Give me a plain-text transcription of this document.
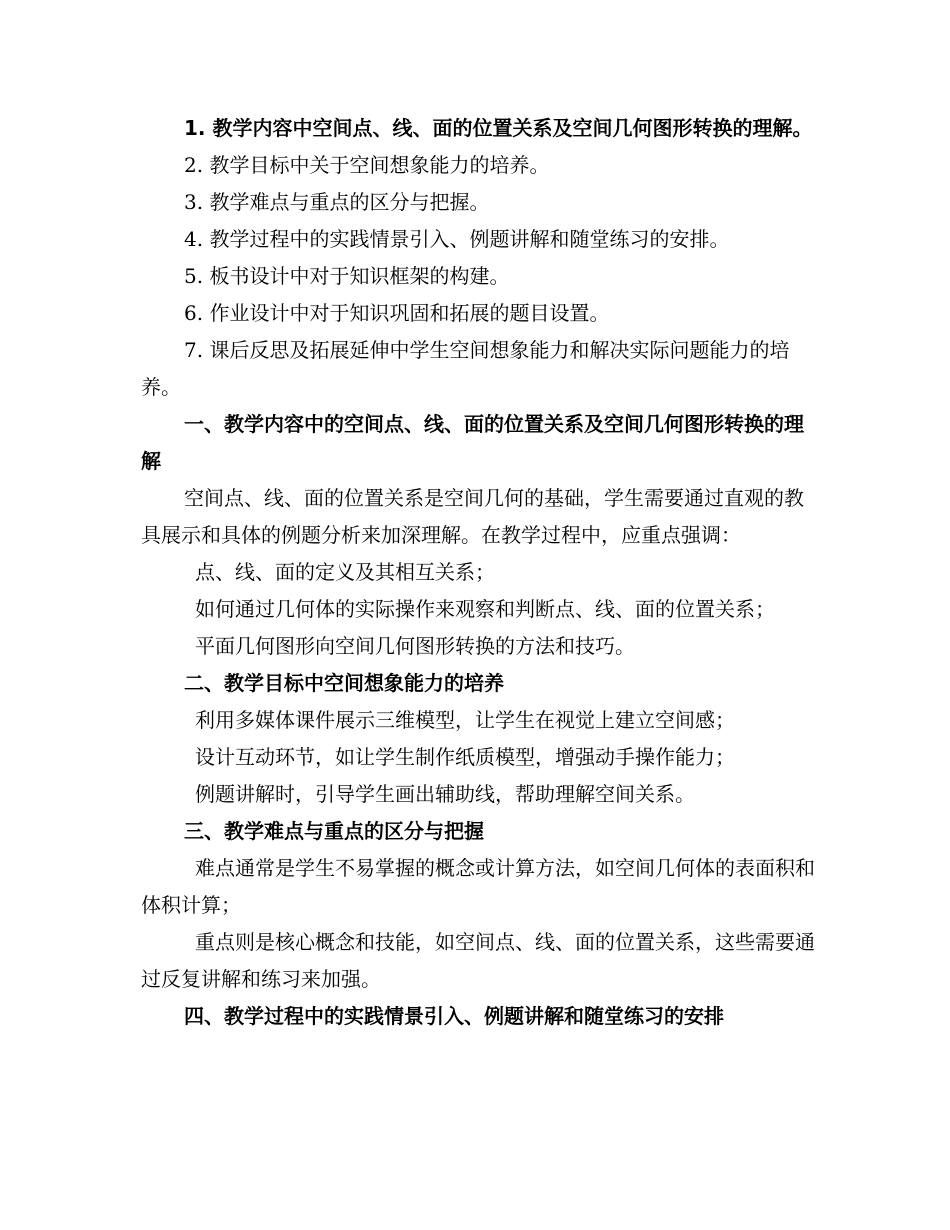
1. 教学内容中空间点、线、面的位置关系及空间几何图形转换的理解。

2. 教学目标中关于空间想象能力的培养。

3. 教学难点与重点的区分与把握。

4. 教学过程中的实践情景引入、例题讲解和随堂练习的安排。

5. 板书设计中对于知识框架的构建。

6. 作业设计中对于知识巩固和拓展的题目设置。

7. 课后反思及拓展延伸中学生空间想象能力和解决实际问题能力的培养。

一、教学内容中的空间点、线、面的位置关系及空间几何图形转换的理解

空间点、线、面的位置关系是空间几何的基础，学生需要通过直观的教具展示和具体的例题分析来加深理解。在教学过程中，应重点强调：

点、线、面的定义及其相互关系；

如何通过几何体的实际操作来观察和判断点、线、面的位置关系；

平面几何图形向空间几何图形转换的方法和技巧。

二、教学目标中空间想象能力的培养

利用多媒体课件展示三维模型，让学生在视觉上建立空间感；

设计互动环节，如让学生制作纸质模型，增强动手操作能力；

例题讲解时，引导学生画出辅助线，帮助理解空间关系。

三、教学难点与重点的区分与把握

难点通常是学生不易掌握的概念或计算方法，如空间几何体的表面积和体积计算；

重点则是核心概念和技能，如空间点、线、面的位置关系，这些需要通过反复讲解和练习来加强。

四、教学过程中的实践情景引入、例题讲解和随堂练习的安排
